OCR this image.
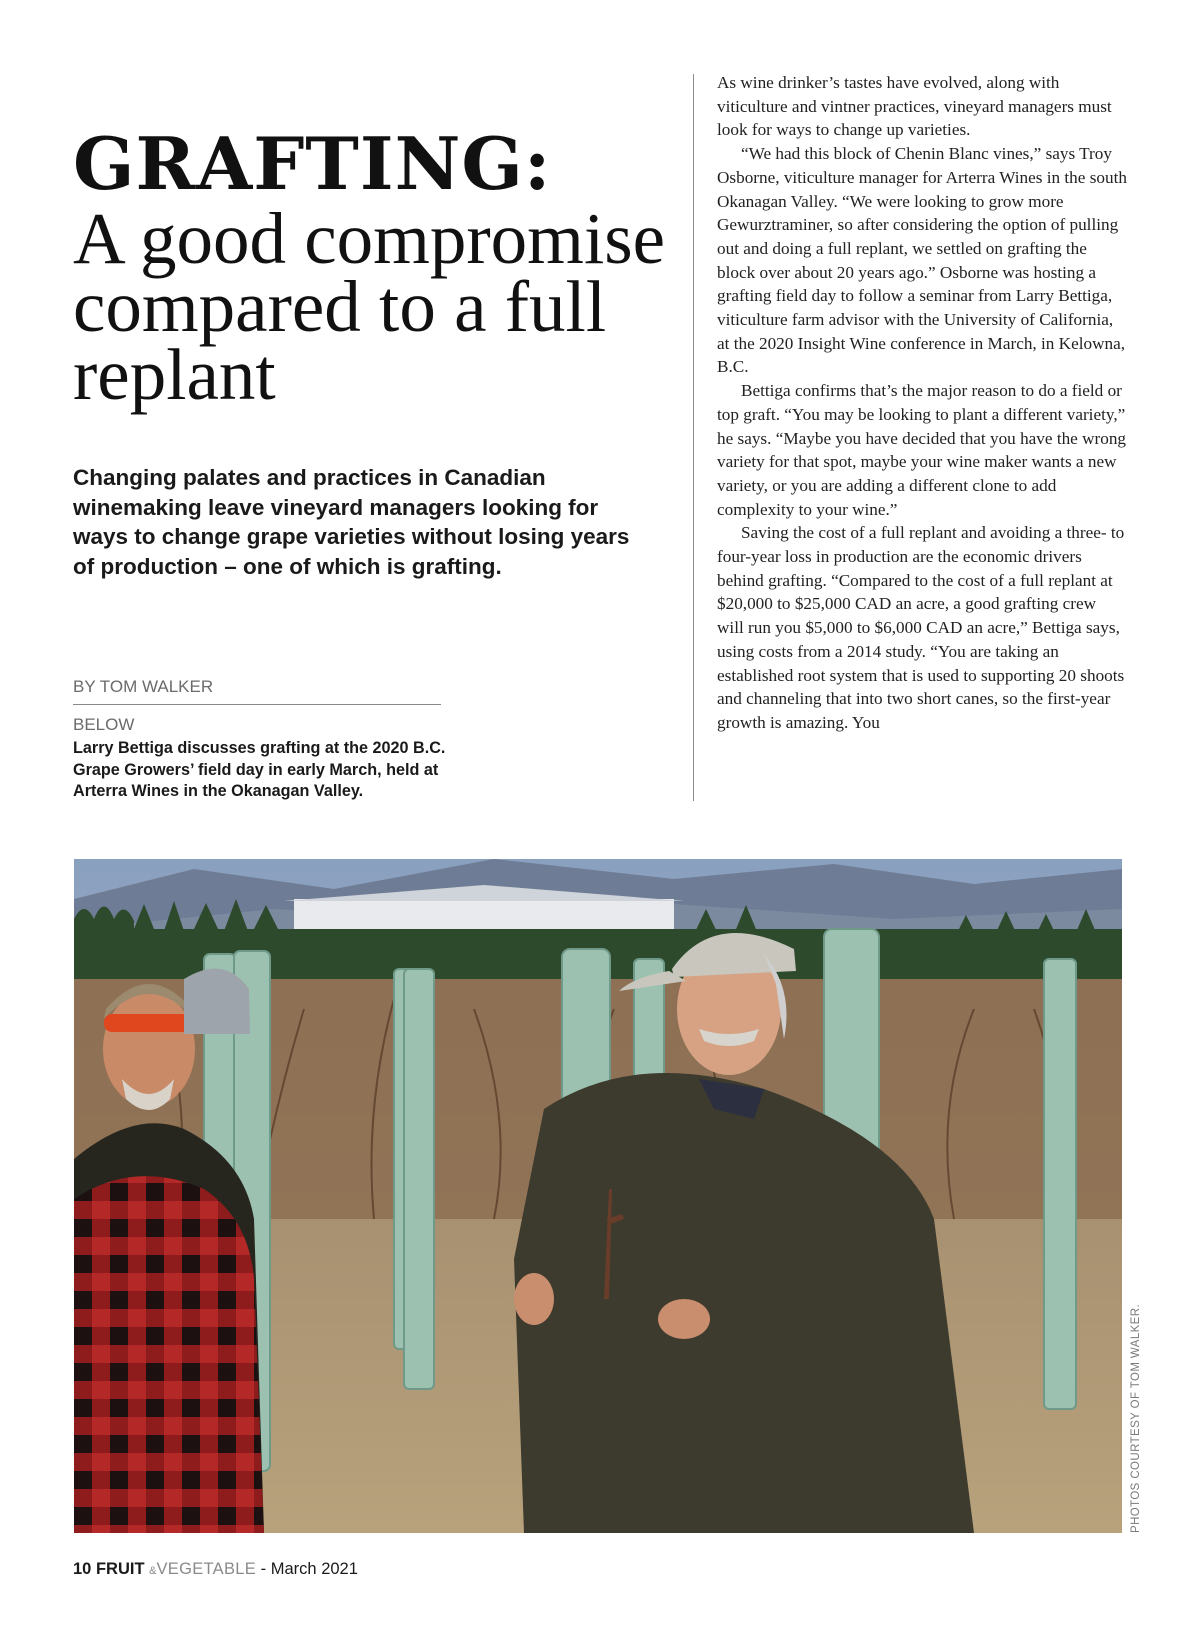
GRAFTING:
A good compromise compared to a full replant

Changing palates and practices in Canadian winemaking leave vineyard managers looking for ways to change grape varieties without losing years of production – one of which is grafting.

BY TOM WALKER
BELOW

Larry Bettiga discusses grafting at the 2020 B.C. Grape Growers’ field day in early March, held at Arterra Wines in the Okanagan Valley.

As wine drinker’s tastes have evolved, along with viticulture and vintner practices, vineyard managers must look for ways to change up varieties.

“We had this block of Chenin Blanc vines,” says Troy Osborne, viticulture manager for Arterra Wines in the south Okanagan Valley. “We were looking to grow more Gewurztraminer, so after considering the option of pulling out and doing a full replant, we settled on grafting the block over about 20 years ago.” Osborne was hosting a grafting field day to follow a seminar from Larry Bettiga, viticulture farm advisor with the University of California, at the 2020 Insight Wine conference in March, in Kelowna, B.C.

Bettiga confirms that’s the major reason to do a field or top graft. “You may be looking to plant a different variety,” he says. “Maybe you have decided that you have the wrong variety for that spot, maybe your wine maker wants a new variety, or you are adding a different clone to add complexity to your wine.”

Saving the cost of a full replant and avoiding a three- to four-year loss in production are the economic drivers behind grafting. “Compared to the cost of a full replant at $20,000 to $25,000 CAD an acre, a good grafting crew will run you $5,000 to $6,000 CAD an acre,” Bettiga says, using costs from a 2014 study. “You are taking an established root system that is used to supporting 20 shoots and channeling that into two short canes, so the first-year growth is amazing. You

PHOTOS COURTESY OF TOM WALKER.
10 FRUIT &VEGETABLE - March 2021
